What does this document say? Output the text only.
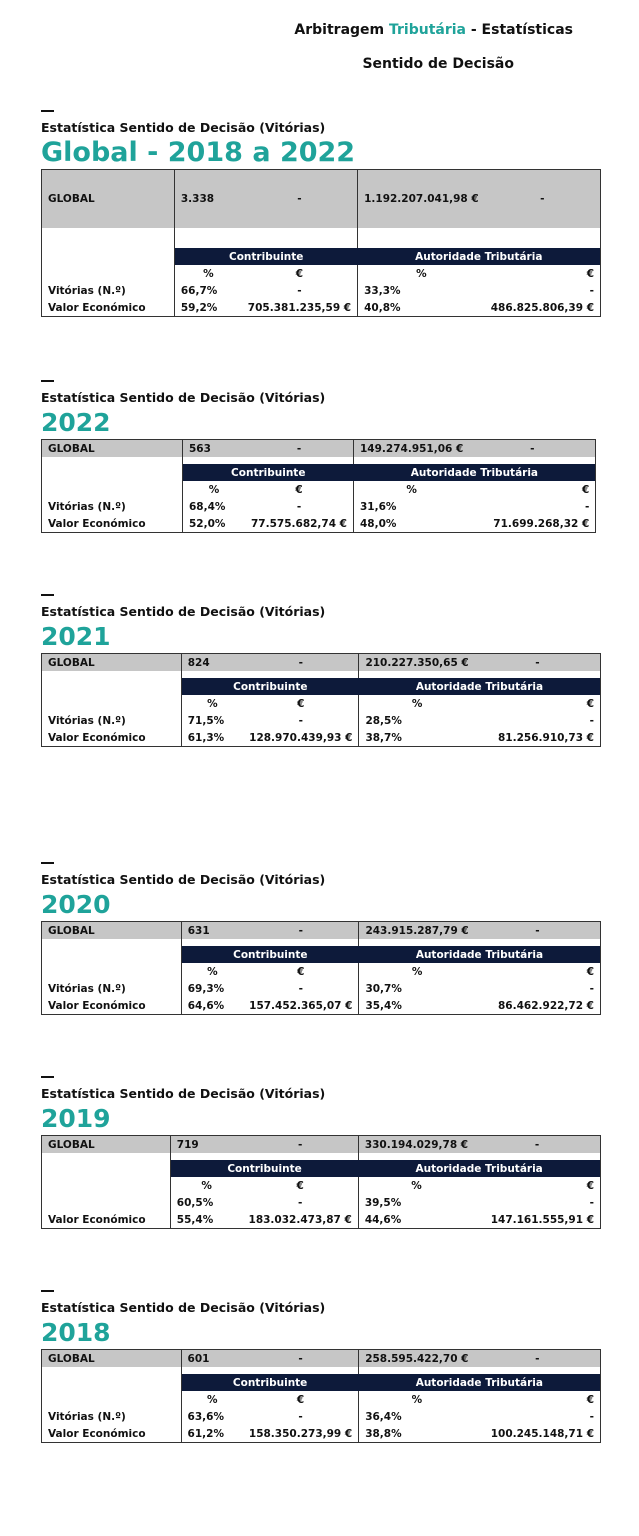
Arbitragem Tributária - Estatísticas
Sentido de Decisão
Estatística Sentido de Decisão (Vitórias)
Global - 2018 a 2022
GLOBAL	3.338	-	1.192.207.041,98 €	-

	Contribuinte		Autoridade Tributária	
	%	€	%	€
Vitórias (N.º)	66,7%	-	33,3%	-
Valor Económico	59,2%	705.381.235,59 €	40,8%	486.825.806,39 €
Estatística Sentido de Decisão (Vitórias)
2022
GLOBAL	563	-	149.274.951,06 €	-

	Contribuinte		Autoridade Tributária	
	%	€	%	€
Vitórias (N.º)	68,4%	-	31,6%	-
Valor Económico	52,0%	77.575.682,74 €	48,0%	71.699.268,32 €
Estatística Sentido de Decisão (Vitórias)
2021
GLOBAL	824	-	210.227.350,65 €	-

	Contribuinte		Autoridade Tributária	
	%	€	%	€
Vitórias (N.º)	71,5%	-	28,5%	-
Valor Económico	61,3%	128.970.439,93 €	38,7%	81.256.910,73 €
Estatística Sentido de Decisão (Vitórias)
2020
GLOBAL	631	-	243.915.287,79 €	-

	Contribuinte		Autoridade Tributária	
	%	€	%	€
Vitórias (N.º)	69,3%	-	30,7%	-
Valor Económico	64,6%	157.452.365,07 €	35,4%	86.462.922,72 €
Estatística Sentido de Decisão (Vitórias)
2019
GLOBAL	719	-	330.194.029,78 €	-

	Contribuinte		Autoridade Tributária	
	%	€	%	€
	60,5%	-	39,5%	-
Valor Económico	55,4%	183.032.473,87 €	44,6%	147.161.555,91 €
Estatística Sentido de Decisão (Vitórias)
2018
GLOBAL	601	-	258.595.422,70 €	-

	Contribuinte		Autoridade Tributária	
	%	€	%	€
Vitórias (N.º)	63,6%	-	36,4%	-
Valor Económico	61,2%	158.350.273,99 €	38,8%	100.245.148,71 €
